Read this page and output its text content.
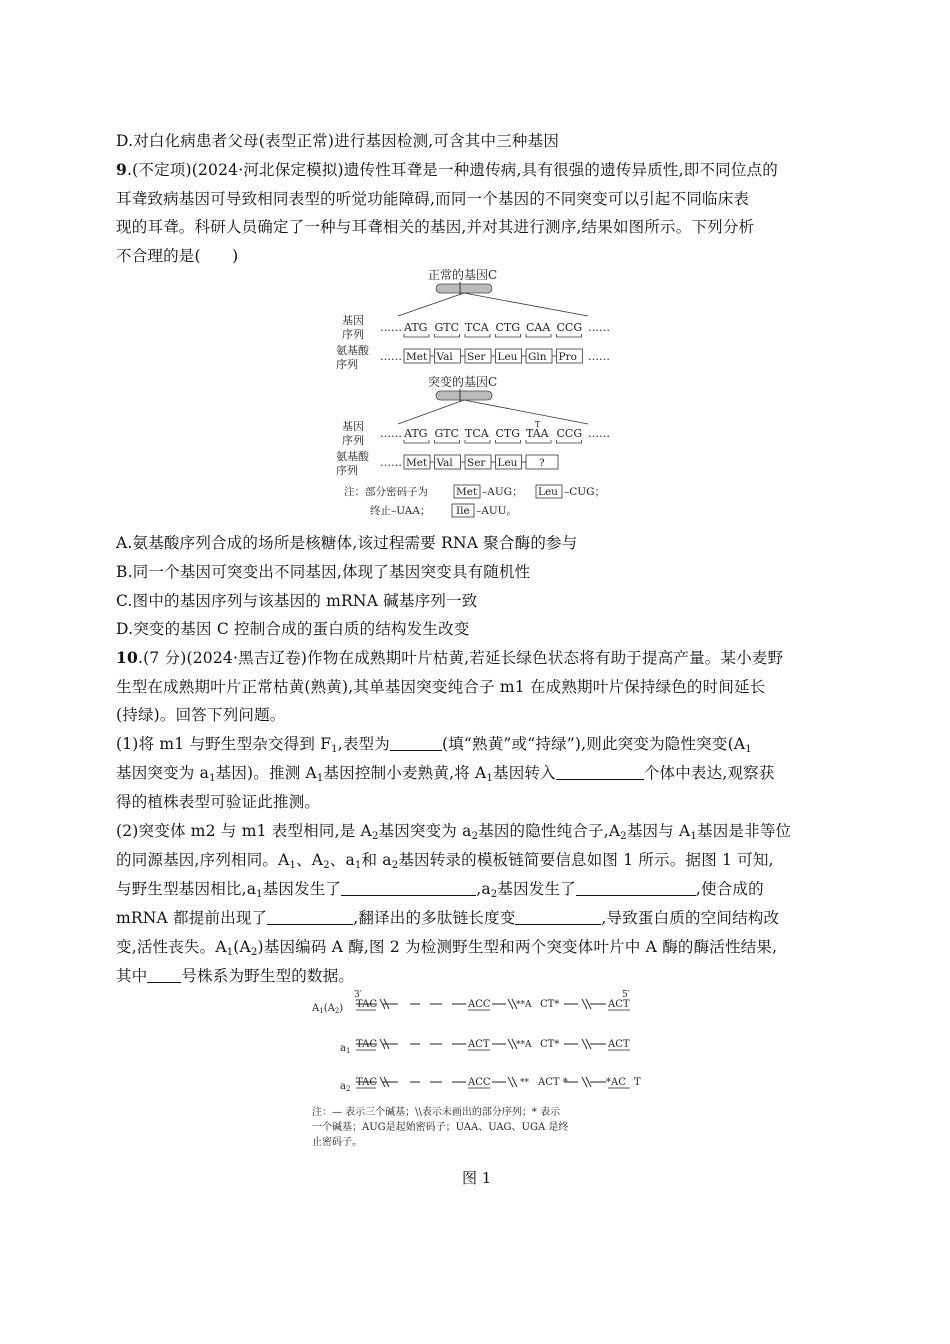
D.对白化病患者父母(表型正常)进行基因检测,可含其中三种基因
9.(不定项)(2024·河北保定模拟)遗传性耳聋是一种遗传病,具有很强的遗传异质性,即不同位点的
耳聋致病基因可导致相同表型的听觉功能障碍,而同一个基因的不同突变可以引起不同临床表
现的耳聋。科研人员确定了一种与耳聋相关的基因,并对其进行测序,结果如图所示。下列分析
不合理的是(　　)
正常的基因C
基因
序列
…… ATG GTC TCA CTG CAA CCG ……
氨基酸
序列
…… Met Val Ser Leu Gln Pro ……
突变的基因C
基因
序列
……
T
ATG GTC TCA CTG TAA CCG ……
氨基酸
序列
…… Met Val Ser Leu ?
注：部分密码子为	Met –AUG； Leu –CUG；
终止–UAA； Ile –AUU。
A.氨基酸序列合成的场所是核糖体,该过程需要 RNA 聚合酶的参与
B.同一个基因可突变出不同基因,体现了基因突变具有随机性
C.图中的基因序列与该基因的 mRNA 碱基序列一致
D.突变的基因 C 控制合成的蛋白质的结构发生改变
10.(7 分)(2024·黑吉辽卷)作物在成熟期叶片枯黄,若延长绿色状态将有助于提高产量。某小麦野
生型在成熟期叶片正常枯黄(熟黄),其单基因突变纯合子 m1 在成熟期叶片保持绿色的时间延长
(持绿)。回答下列问题。
(1)将 m1 与野生型杂交得到 $F_1$,表型为	(填“熟黄”或“持绿”),则此突变为隐性突变($A_1$
基因突变为 $a_1$基因)。推测 $A_1$基因控制小麦熟黄,将 $A_1$基因转入	个体中表达,观察获
得的植株表型可验证此推测。
(2)突变体 m2 与 m1 表型相同,是 $A_2$基因突变为 $a_2$基因的隐性纯合子$,A_2$基因与 $A_1$基因是非等位
的同源基因,序列相同。$A_1$、$A_2$、$a_1$和 $a_2$基因转录的模板链简要信息如图 1 所示。据图 1 可知,
与野生型基因相比$,a_1$基因发生了	$,a_2$基因发生了	,使合成的
mRNA 都提前出现了	,翻译出的多肽链长度变	,导致蛋白质的空间结构改
变,活性丧失。$A_1(A_2)$基因编码 A 酶,图 2 为检测野生型和两个突变体叶片中 A 酶的酶活性结果,
其中 号株系为野生型的数据。
3′	5′
$A_1(A_2)$ TAC	ACC	**A CT*	ACT
$a_1$
TAC	ACT	**A CT*	ACT
$a_2$
TAC	ACC	** ACT *	*AC T
注：— 表示三个碱基；\\表示未画出的部分序列；* 表示
一个碱基；AUG是起始密码子；UAA、UAG、UGA 是终
止密码子。
图 1
